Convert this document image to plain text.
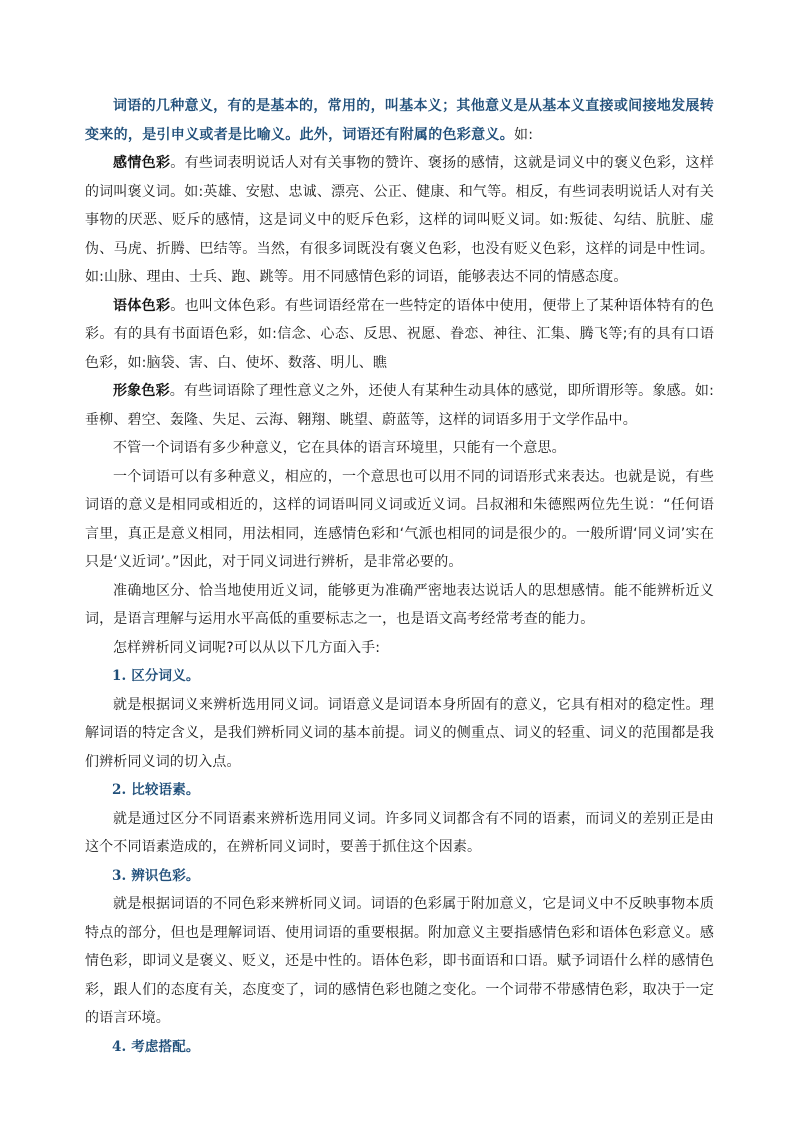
词语的几种意义，有的是基本的，常用的，叫基本义；其他意义是从基本义直接或间接地发展转变来的，是引申义或者是比喻义。此外，词语还有附属的色彩意义。如:

感情色彩。有些词表明说话人对有关事物的赞许、褒扬的感情，这就是词义中的褒义色彩，这样的词叫褒义词。如:英雄、安慰、忠诚、漂亮、公正、健康、和气等。相反，有些词表明说话人对有关事物的厌恶、贬斥的感情，这是词义中的贬斥色彩，这样的词叫贬义词。如:叛徒、勾结、肮脏、虚伪、马虎、折腾、巴结等。当然，有很多词既没有褒义色彩，也没有贬义色彩，这样的词是中性词。如:山脉、理由、士兵、跑、跳等。用不同感情色彩的词语，能够表达不同的情感态度。

语体色彩。也叫文体色彩。有些词语经常在一些特定的语体中使用，便带上了某种语体特有的色彩。有的具有书面语色彩，如:信念、心态、反思、祝愿、眷恋、神往、汇集、腾飞等;有的具有口语色彩，如:脑袋、害、白、使坏、数落、明儿、瞧

形象色彩。有些词语除了理性意义之外，还使人有某种生动具体的感觉，即所谓形等。象感。如:垂柳、碧空、轰隆、失足、云海、翱翔、眺望、蔚蓝等，这样的词语多用于文学作品中。

不管一个词语有多少种意义，它在具体的语言环境里，只能有一个意思。

一个词语可以有多种意义，相应的，一个意思也可以用不同的词语形式来表达。也就是说，有些词语的意义是相同或相近的，这样的词语叫同义词或近义词。吕叔湘和朱德熙两位先生说：“任何语言里，真正是意义相同，用法相同，连感情色彩和‘气派也相同的词是很少的。一般所谓‘同义词’实在只是‘义近词’。”因此，对于同义词进行辨析，是非常必要的。

准确地区分、恰当地使用近义词，能够更为准确严密地表达说话人的思想感情。能不能辨析近义词，是语言理解与运用水平高低的重要标志之一，也是语文高考经常考查的能力。

怎样辨析同义词呢?可以从以下几方面入手:

1. 区分词义。

就是根据词义来辨析选用同义词。词语意义是词语本身所固有的意义，它具有相对的稳定性。理解词语的特定含义，是我们辨析同义词的基本前提。词义的侧重点、词义的轻重、词义的范围都是我们辨析同义词的切入点。

2. 比较语素。

就是通过区分不同语素来辨析选用同义词。许多同义词都含有不同的语素，而词义的差别正是由这个不同语素造成的，在辨析同义词时，要善于抓住这个因素。

3. 辨识色彩。

就是根据词语的不同色彩来辨析同义词。词语的色彩属于附加意义，它是词义中不反映事物本质特点的部分，但也是理解词语、使用词语的重要根据。附加意义主要指感情色彩和语体色彩意义。感情色彩，即词义是褒义、贬义，还是中性的。语体色彩，即书面语和口语。赋予词语什么样的感情色彩，跟人们的态度有关，态度变了，词的感情色彩也随之变化。一个词带不带感情色彩，取决于一定的语言环境。

4. 考虑搭配。
